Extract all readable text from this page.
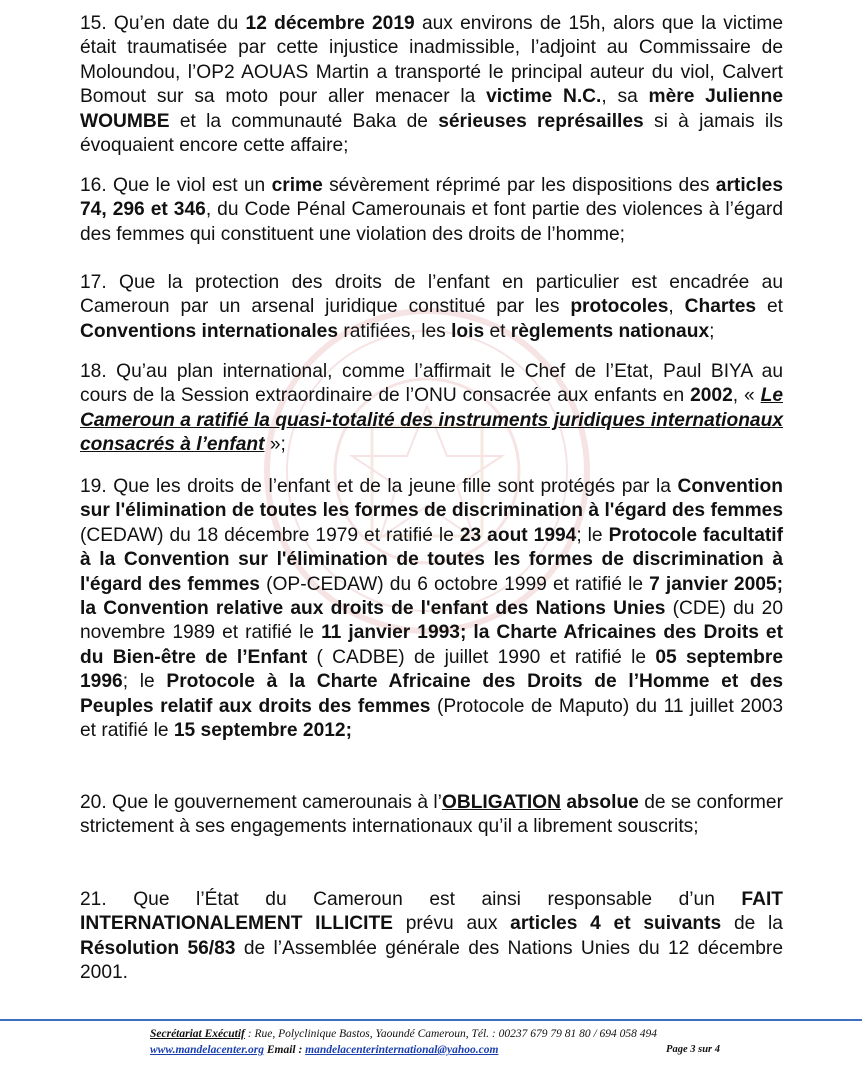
15. Qu’en date du 12 décembre 2019 aux environs de 15h, alors que la victime était traumatisée par cette injustice inadmissible, l’adjoint au Commissaire de Moloundou, l’OP2 AOUAS Martin a transporté le principal auteur du viol, Calvert Bomout sur sa moto pour aller menacer la victime N.C., sa mère Julienne WOUMBE et la communauté Baka de sérieuses représailles si à jamais ils évoquaient encore cette affaire;

16. Que le viol est un crime sévèrement réprimé par les dispositions des articles 74, 296 et 346, du Code Pénal Camerounais et font partie des violences à l’égard des femmes qui constituent une violation des droits de l’homme;

17. Que la protection des droits de l’enfant en particulier est encadrée au Cameroun par un arsenal juridique constitué par les protocoles, Chartes et Conventions internationales ratifiées, les lois et règlements nationaux;

18. Qu’au plan international, comme l’affirmait le Chef de l’Etat, Paul BIYA au cours de la Session extraordinaire de l’ONU consacrée aux enfants en 2002, « Le Cameroun a ratifié la quasi-totalité des instruments juridiques internationaux consacrés à l’enfant »;

19. Que les droits de l’enfant et de la jeune fille sont protégés par la Convention sur l'élimination de toutes les formes de discrimination à l'égard des femmes (CEDAW) du 18 décembre 1979 et ratifié le 23 aout 1994; le Protocole facultatif à la Convention sur l'élimination de toutes les formes de discrimination à l'égard des femmes (OP-CEDAW) du 6 octobre 1999 et ratifié le 7 janvier 2005; la Convention relative aux droits de l'enfant des Nations Unies (CDE) du 20 novembre 1989 et ratifié le 11 janvier 1993; la Charte Africaines des Droits et du Bien-être de l’Enfant ( CADBE) de juillet 1990 et ratifié le 05 septembre 1996; le Protocole à la Charte Africaine des Droits de l’Homme et des Peuples relatif aux droits des femmes (Protocole de Maputo) du 11 juillet 2003 et ratifié le 15 septembre 2012;

20. Que le gouvernement camerounais à l’OBLIGATION absolue de se conformer strictement à ses engagements internationaux qu’il a librement souscrits;

21. Que l’État du Cameroun est ainsi responsable d’un FAIT INTERNATIONALEMENT ILLICITE prévu aux articles 4 et suivants de la Résolution 56/83 de l’Assemblée générale des Nations Unies du 12 décembre 2001.

Secrétariat Exécutif : Rue, Polyclinique Bastos, Yaoundé Cameroun, Tél. : 00237 679 79 81 80 / 694 058 494
www.mandelacenter.org Email : mandelacenterinternational@yahoo.com	Page 3 sur 4
